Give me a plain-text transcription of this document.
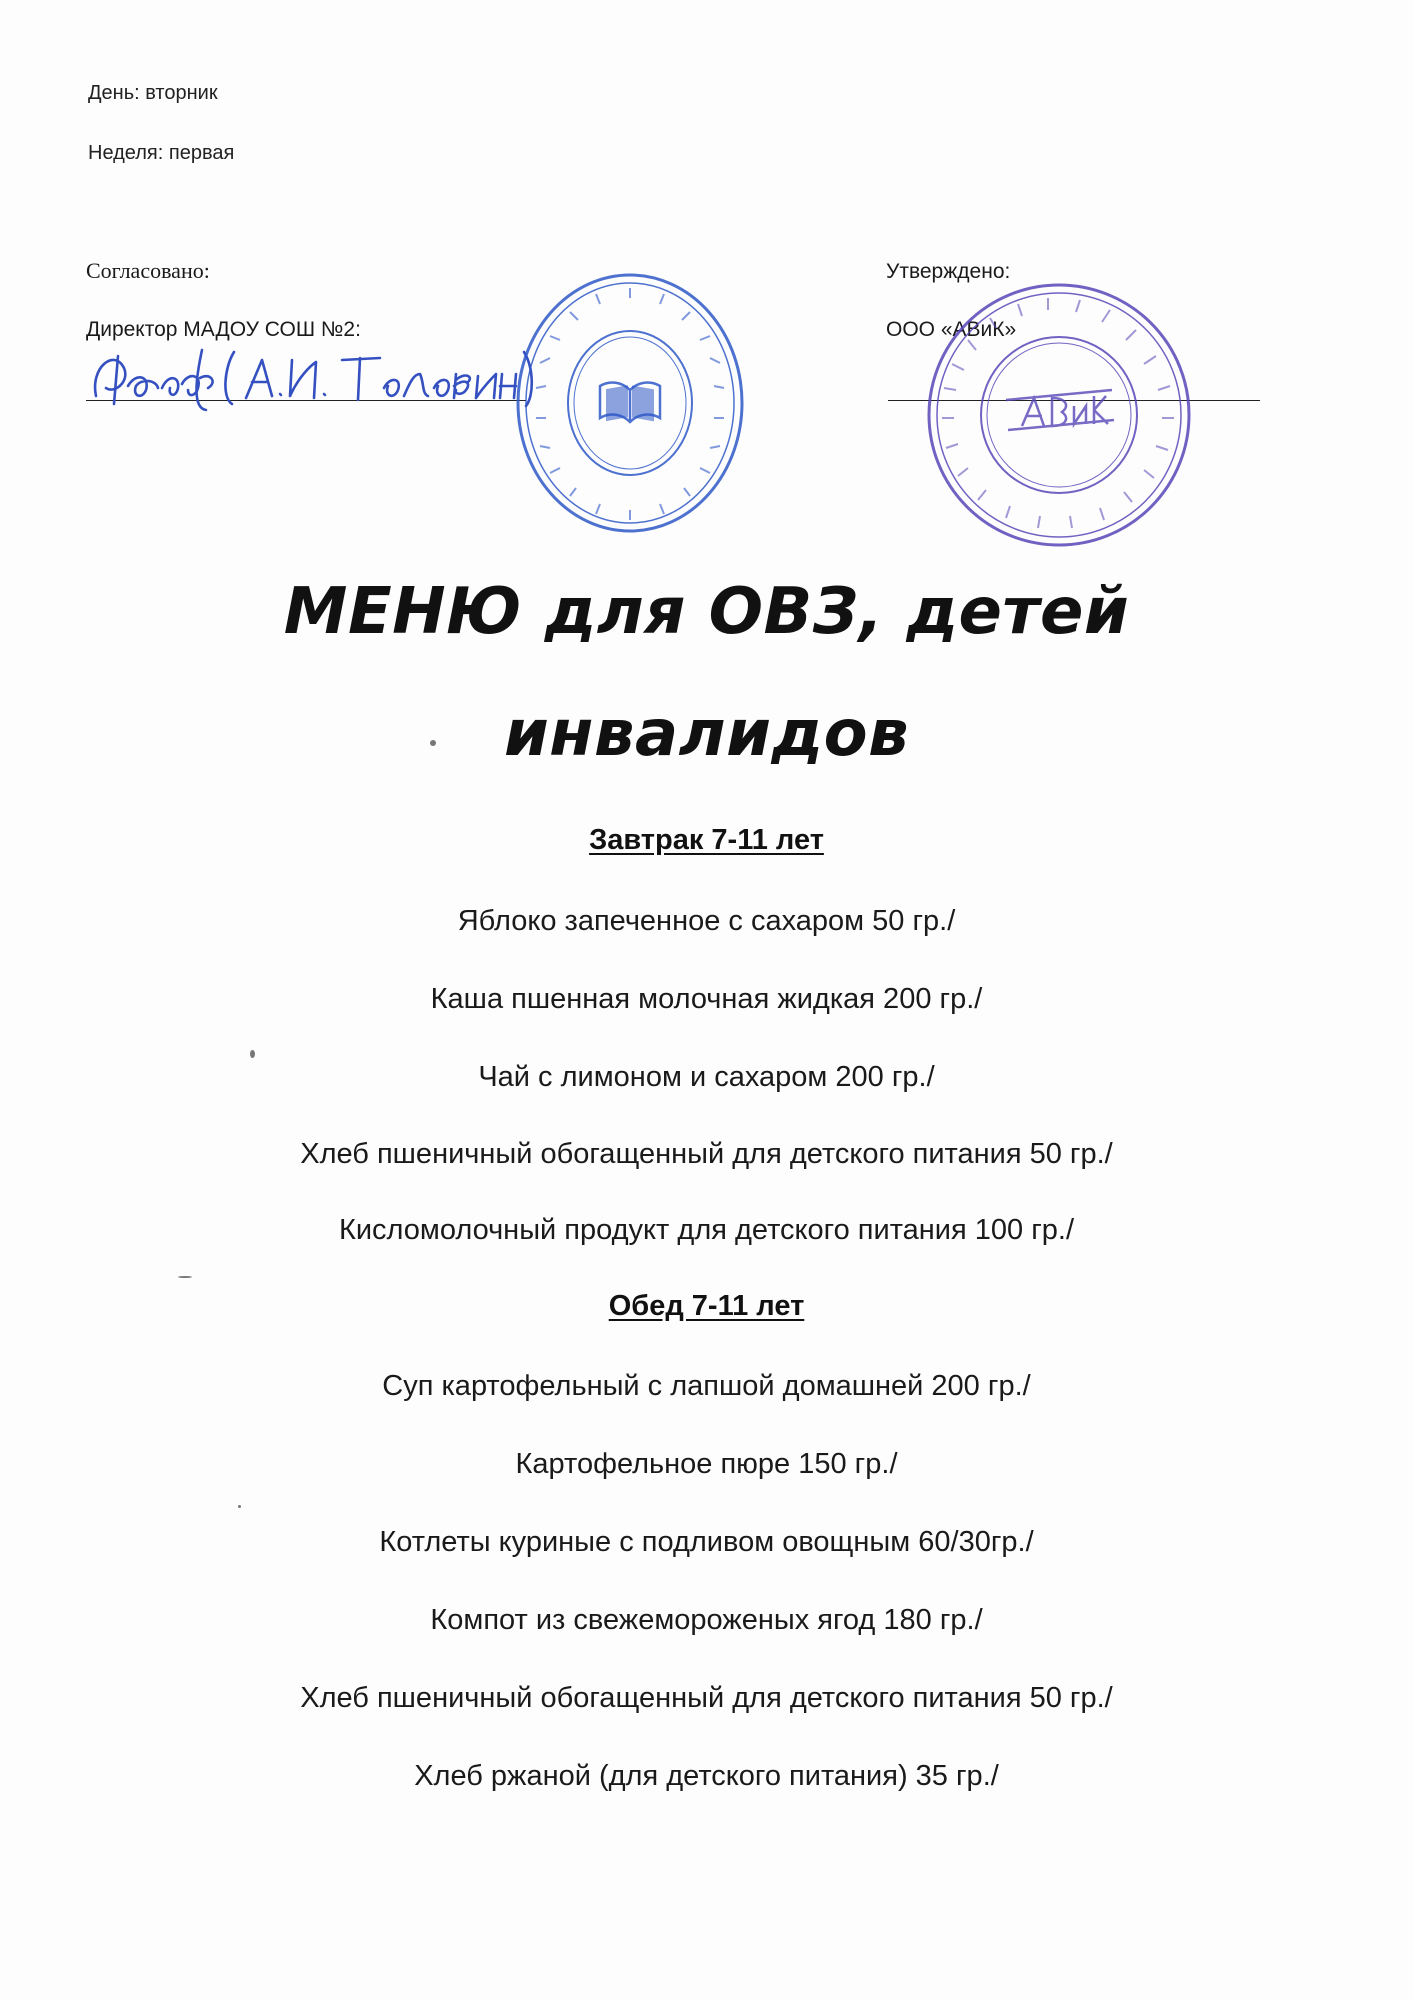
День: вторник
Неделя: первая
Согласовано:
Директор МАДОУ СОШ №2:
Утверждено:
ООО «АВиК»
МЕНЮ для ОВЗ, детей
инвалидов
Завтрак 7-11 лет
Яблоко запеченное с сахаром 50 гр./
Каша пшенная молочная жидкая 200 гр./
Чай с лимоном и сахаром 200 гр./
Хлеб пшеничный обогащенный для детского питания 50 гр./
Кисломолочный продукт для детского питания 100 гр./
Обед 7-11 лет
Суп картофельный с лапшой домашней 200 гр./
Картофельное пюре 150 гр./
Котлеты куриные с подливом овощным 60/30гр./
Компот из свежемороженых ягод 180 гр./
Хлеб пшеничный обогащенный для детского питания 50 гр./
Хлеб ржаной (для детского питания) 35 гр./
